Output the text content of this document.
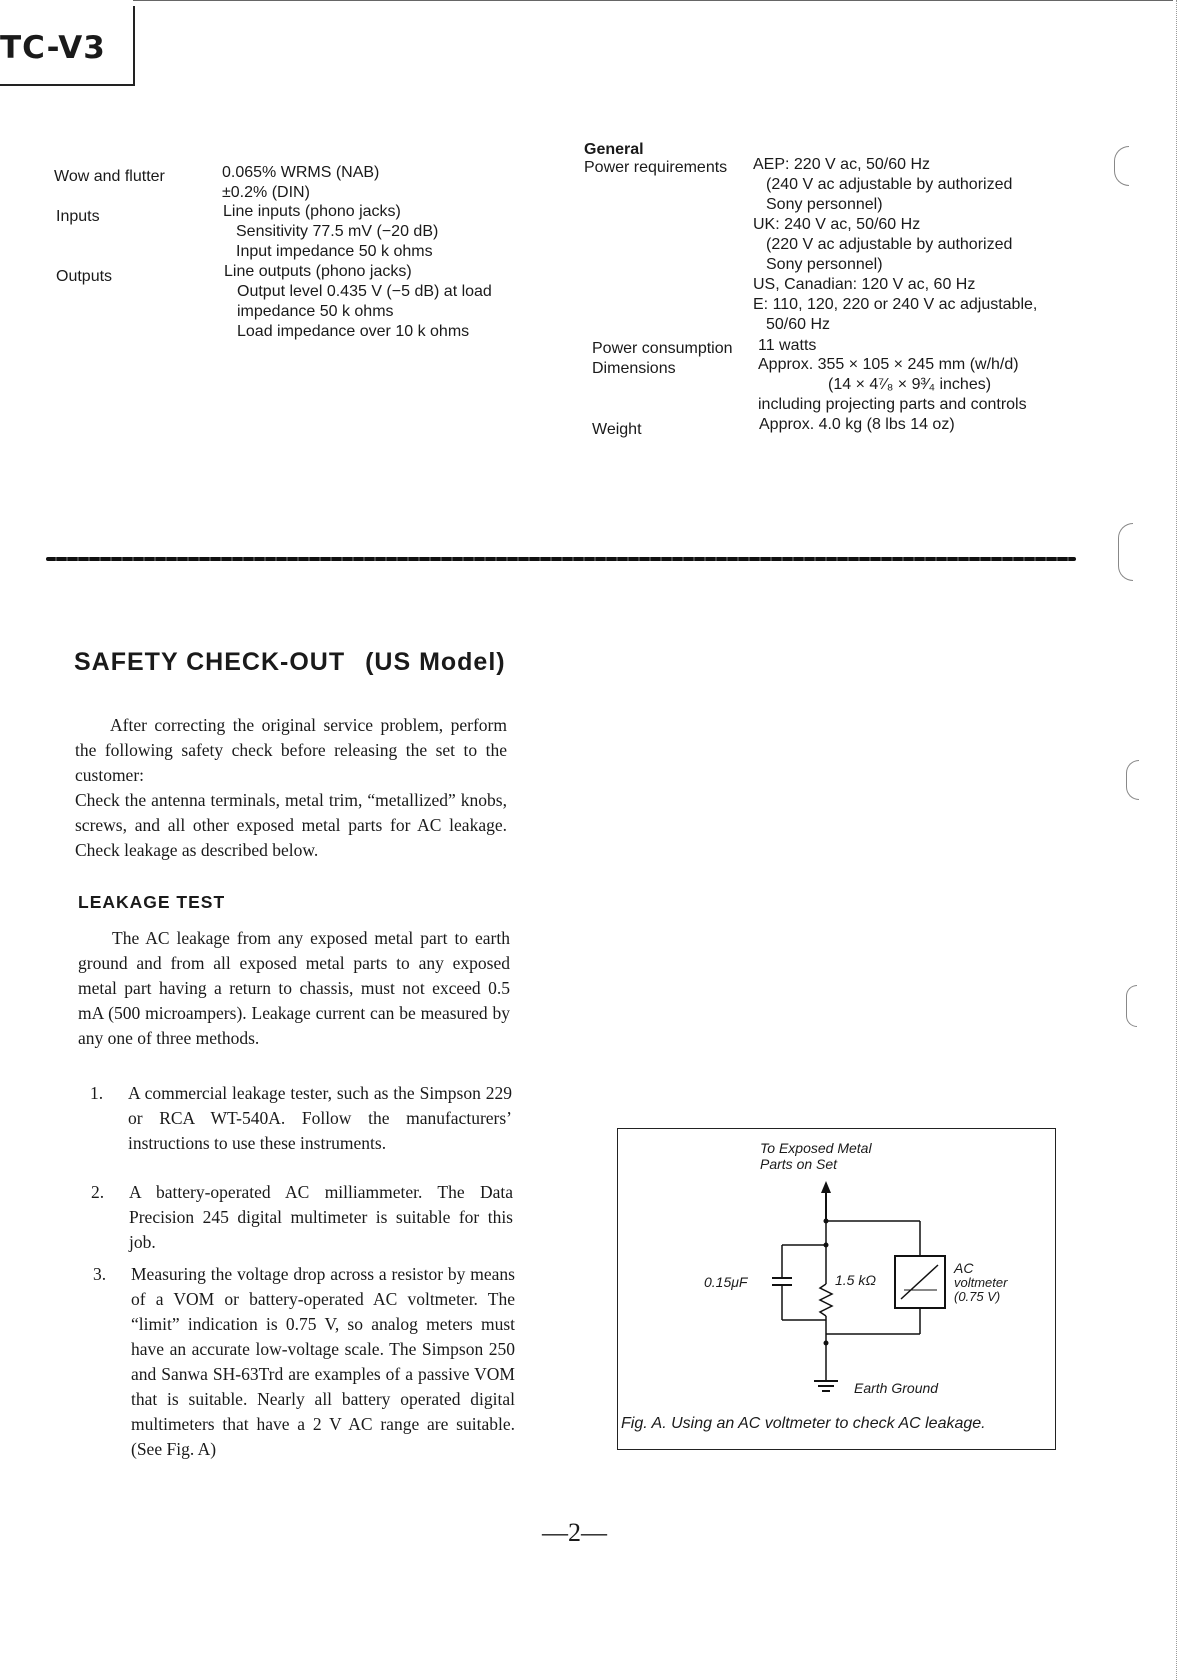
TC-V3
Wow and flutter	0.065% WRMS (NAB)
±0.2% (DIN)
Inputs	Line inputs (phono jacks)
Sensitivity 77.5 mV (−20 dB)
Input impedance 50 k ohms
Outputs	Line outputs (phono jacks)
Output level 0.435 V (−5 dB) at load
impedance 50 k ohms
Load impedance over 10 k ohms
General
Power requirements AEP: 220 V ac, 50/60 Hz
(240 V ac adjustable by authorized
Sony personnel)
UK: 240 V ac, 50/60 Hz
(220 V ac adjustable by authorized
Sony personnel)
US, Canadian: 120 V ac, 60 Hz
E: 110, 120, 220 or 240 V ac adjustable,
50/60 Hz
Power consumption 11 watts
Dimensions	Approx. 355 × 105 × 245 mm (w/h/d)
(14 × 4⁷⁄₈ × 9³⁄₄ inches)
including projecting parts and controls
Weight	Approx. 4.0 kg (8 lbs 14 oz)
SAFETY CHECK-OUT (US Model)
After correcting the original service problem, perform the following safety check before releasing the set to the customer:
Check the antenna terminals, metal trim, “metallized” knobs, screws, and all other exposed metal parts for AC leakage. Check leakage as described below.
LEAKAGE TEST
The AC leakage from any exposed metal part to earth ground and from all exposed metal parts to any exposed metal part having a return to chassis, must not exceed 0.5 mA (500 microampers). Leakage current can be measured by any one of three methods.
1. A commercial leakage tester, such as the Simpson 229 or RCA WT-540A. Follow the manufacturers’ instructions to use these instruments.
2. A battery-operated AC milliammeter. The Data Precision 245 digital multimeter is suitable for this job.
3. Measuring the voltage drop across a resistor by means of a VOM or battery-operated AC voltmeter. The “limit” indication is 0.75 V, so analog meters must have an accurate low-voltage scale. The Simpson 250 and Sanwa SH-63Trd are examples of a passive VOM that is suitable. Nearly all battery operated digital multimeters that have a 2 V AC range are suitable. (See Fig. A)
To Exposed Metal
Parts on Set
0.15μF	1.5 kΩ
AC
voltmeter
(0.75 V)
Earth Ground
Fig. A. Using an AC voltmeter to check AC leakage.
—2—
